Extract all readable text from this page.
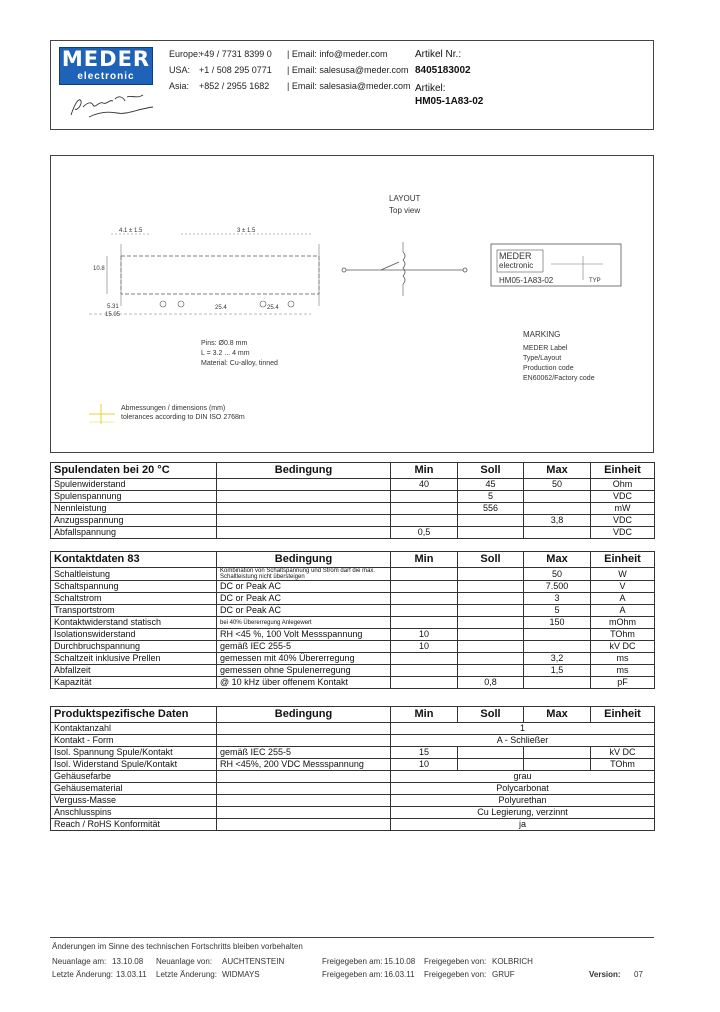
MEDER
electronic
Europe:+49 / 7731 8399 0 | Email: info@meder.com
USA: +1 / 508 295 0771 | Email: salesusa@meder.com
Asia: +852 / 2955 1682 | Email: salesasia@meder.com
Artikel Nr.:
8405183002
Artikel:
HM05-1A83-02
LAYOUT
Top view
4.1 ± 1.5	3 ± 1.5
10.8
5.31
15.05
25.4	25.4
Pins: Ø0.8 mm
L = 3.2 ... 4 mm
Material: Cu-alloy, tinned
MEDER
electronic
HM05-1A83-02	TYP
MARKING
MEDER Label
Type/Layout
Production code
EN60062/Factory code
Abmessungen / dimensions (mm)
tolerances according to DIN ISO 2768m
Spulendaten bei 20 °C	Bedingung	Min	Soll	Max	Einheit
Spulenwiderstand		40	45	50	Ohm
Spulenspannung			5		VDC
Nennleistung			556		mW
Anzugsspannung				3,8	VDC
Abfallspannung		0,5			VDC
Kontaktdaten 83	Bedingung	Min	Soll	Max	Einheit
Schaltleistung	Kombination von Schaltspannung und Strom darf die max. Schaltleistung nicht übersteigen			50	W
Schaltspannung	DC or Peak AC			7.500	V
Schaltstrom	DC or Peak AC			3	A
Transportstrom	DC or Peak AC			5	A
Kontaktwiderstand statisch	bei 40% Übererregung Anlegewert			150	mOhm
Isolationswiderstand	RH <45 %, 100 Volt Messspannung	10			TOhm
Durchbruchspannung	gemäß IEC 255-5	10			kV DC
Schaltzeit inklusive Prellen	gemessen mit 40% Übererregung			3,2	ms
Abfallzeit	gemessen ohne Spulenerregung			1,5	ms
Kapazität	@ 10 kHz über offenem Kontakt		0,8		pF
Produktspezifische Daten	Bedingung	Min	Soll	Max	Einheit
Kontaktanzahl		1			
Kontakt - Form		A - Schließer			
Isol. Spannung Spule/Kontakt	gemäß IEC 255-5	15			kV DC
Isol. Widerstand Spule/Kontakt	RH <45%, 200 VDC Messspannung	10			TOhm
Gehäusefarbe		grau			
Gehäusematerial		Polycarbonat			
Verguss-Masse		Polyurethan			
Anschlusspins		Cu Legierung, verzinnt			
Reach / RoHS Konformität		ja			
Änderungen im Sinne des technischen Fortschritts bleiben vorbehalten
Neuanlage am: 13.10.08 Neuanlage von: AUCHTENSTEIN	Freigegeben am: 15.10.08 Freigegeben von: KOLBRICH
Letzte Änderung: 13.03.11 Letzte Änderung: WIDMAYS	Freigegeben am: 16.03.11 Freigegeben von: GRUF	Version: 07
